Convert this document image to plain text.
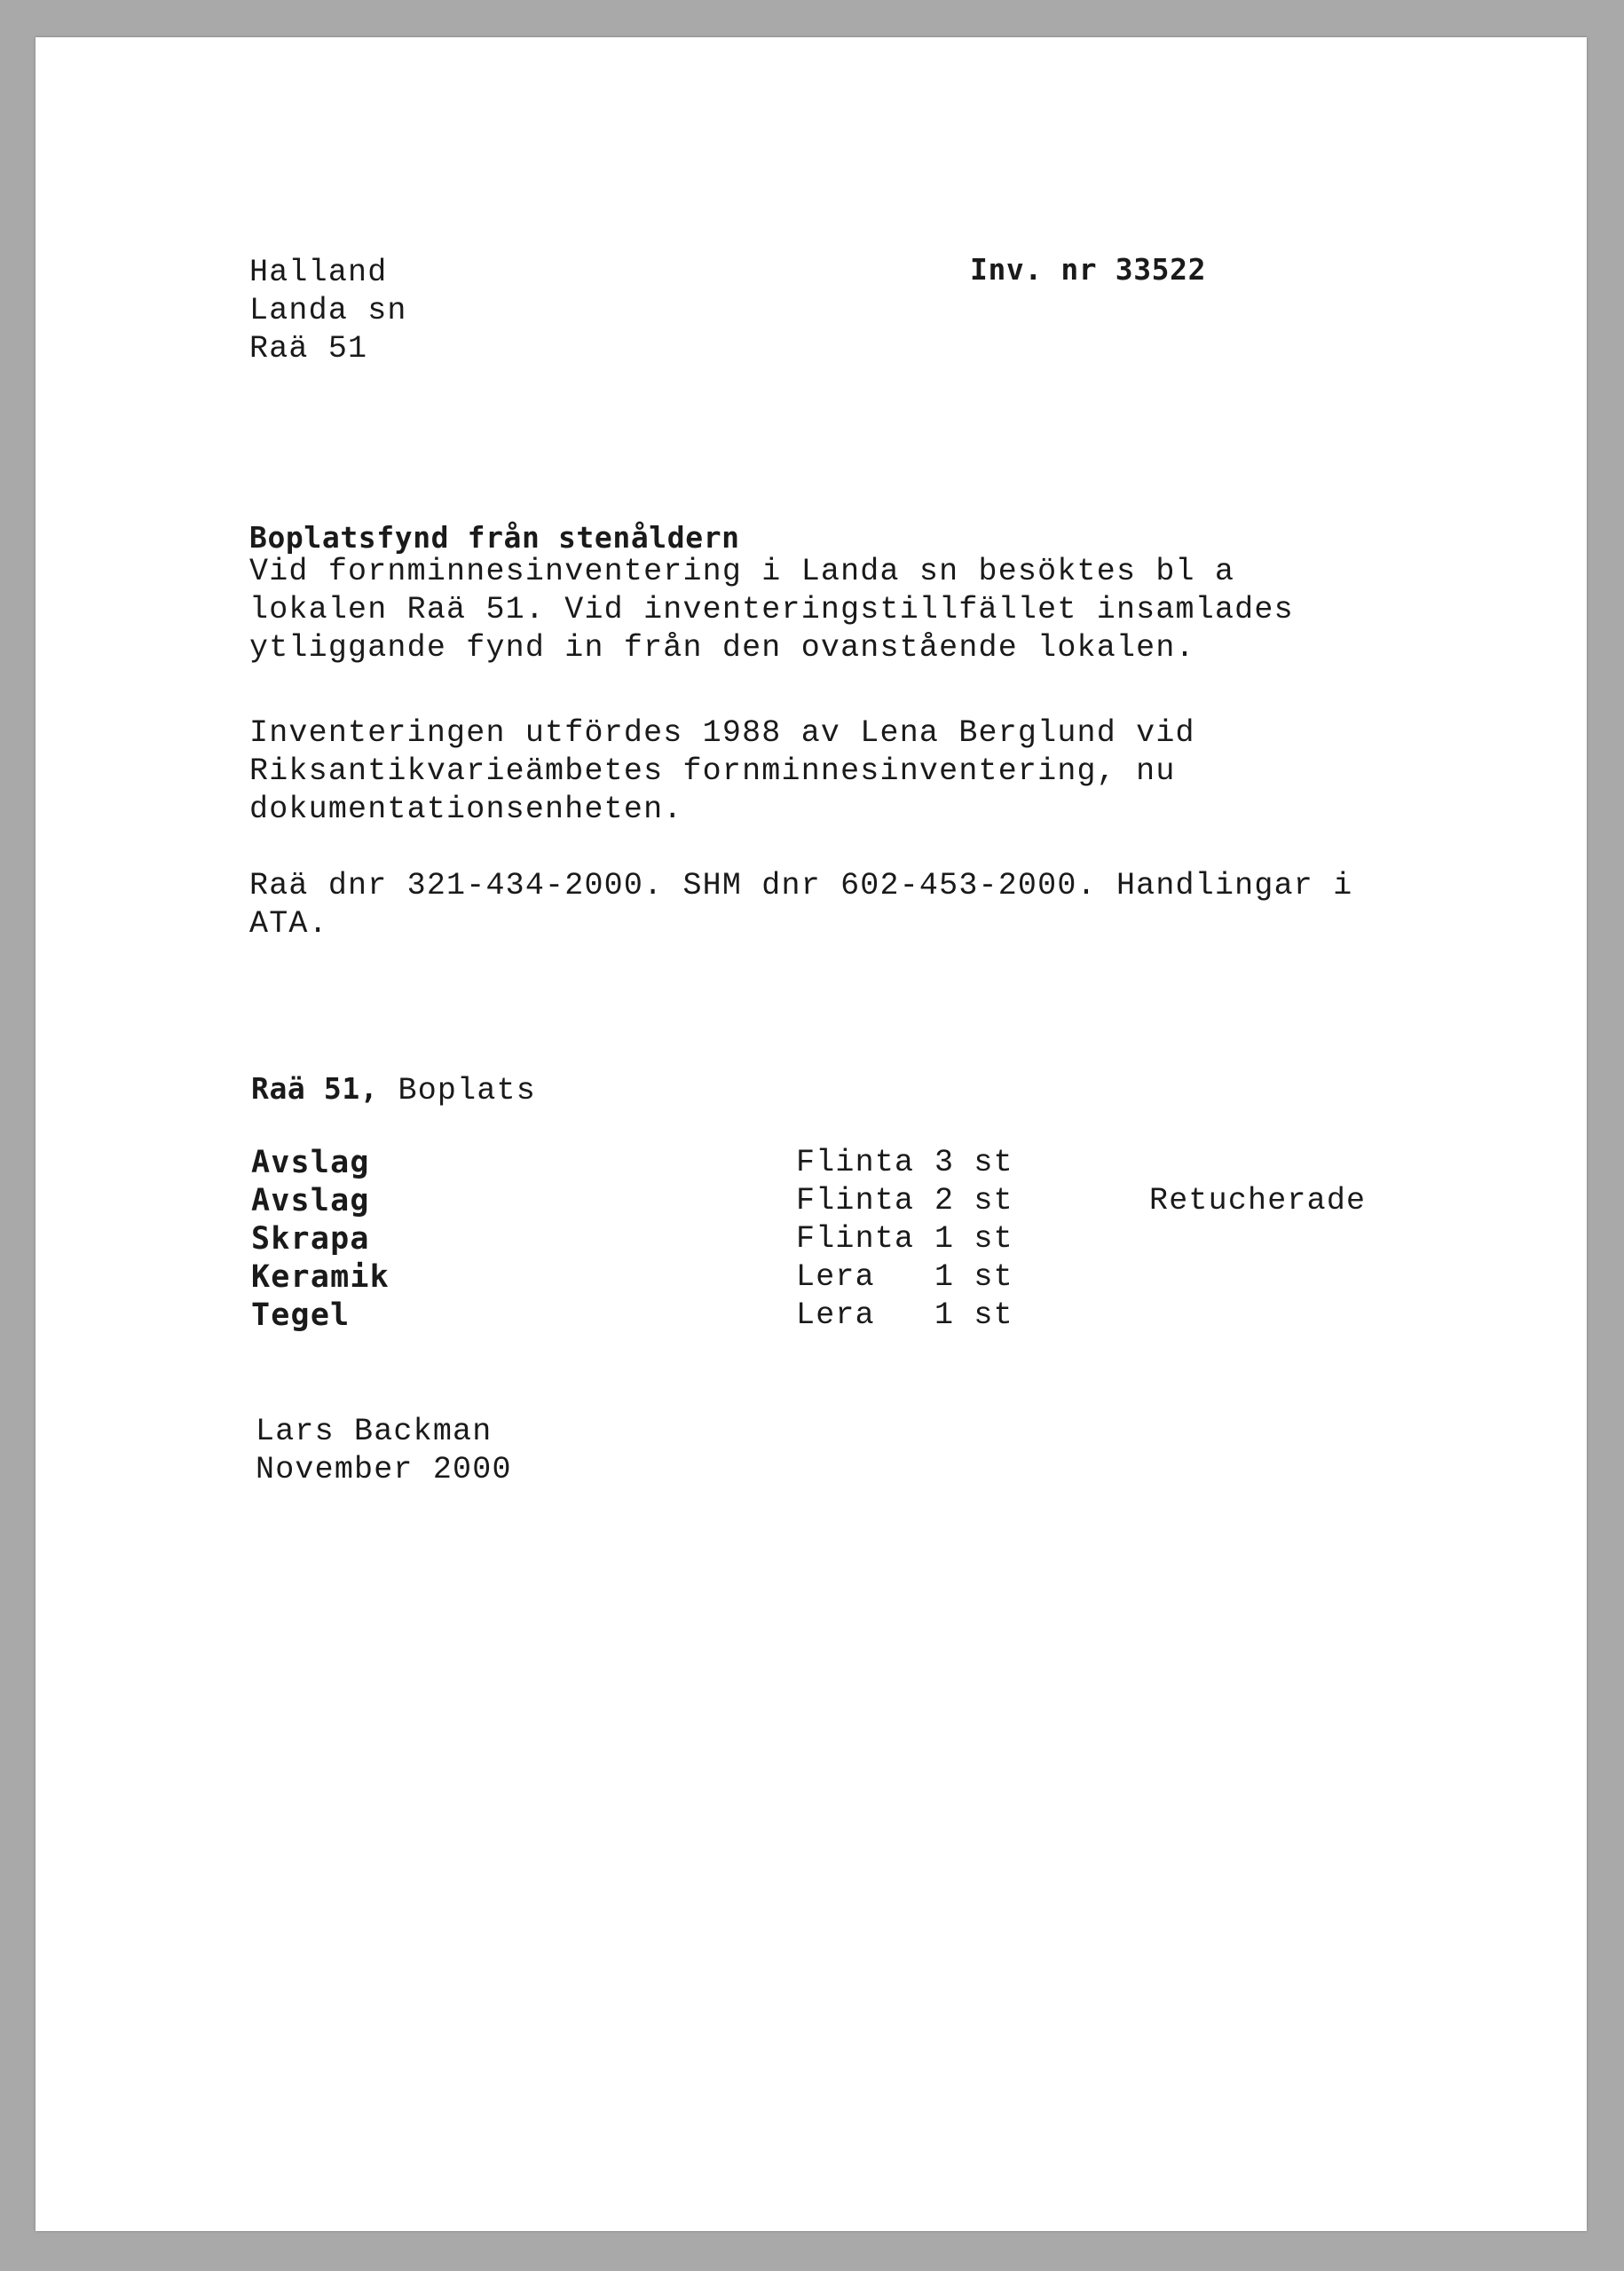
Halland
Landa sn
Raä 51
Inv. nr 33522
Boplatsfynd från stenåldern
Vid fornminnesinventering i Landa sn besöktes bl a
lokalen Raä 51. Vid inventeringstillfället insamlades
ytliggande fynd in från den ovanstående lokalen.
Inventeringen utfördes 1988 av Lena Berglund vid
Riksantikvarieämbetes fornminnesinventering, nu
dokumentationsenheten.
Raä dnr 321-434-2000. SHM dnr 602-453-2000. Handlingar i
ATA.
Raä 51, Boplats
Avslag	Flinta 3 st
Avslag	Flinta 2 st	Retucherade
Skrapa	Flinta 1 st
Keramik	Lera 1 st
Tegel	Lera 1 st
Lars Backman
November 2000
